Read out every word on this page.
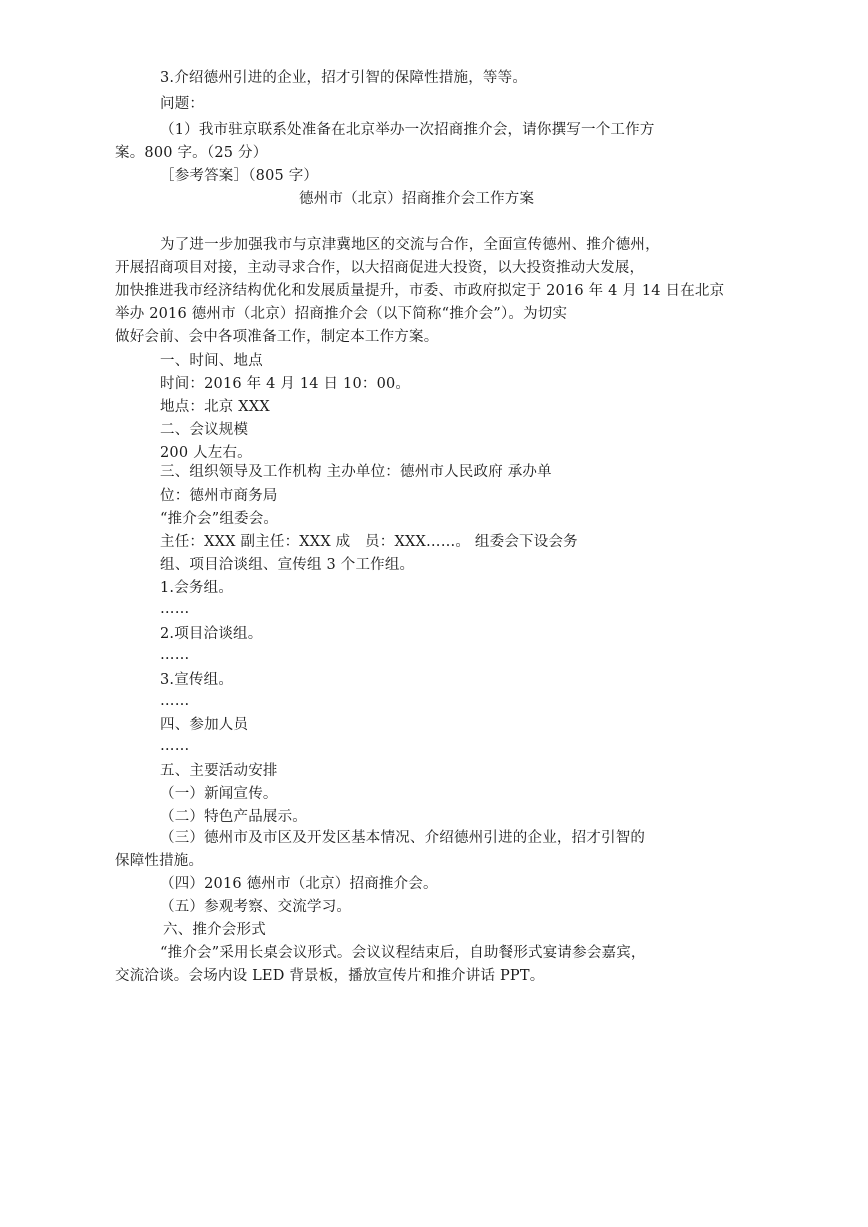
3.介绍德州引进的企业，招才引智的保障性措施，等等。
问题：
（1）我市驻京联系处准备在北京举办一次招商推介会，请你撰写一个工作方
案。800 字。（25 分）
［参考答案］（805 字）
德州市（北京）招商推介会工作方案
为了进一步加强我市与京津冀地区的交流与合作，全面宣传德州、推介德州，
开展招商项目对接，主动寻求合作，以大招商促进大投资，以大投资推动大发展，
加快推进我市经济结构优化和发展质量提升，市委、市政府拟定于 2016 年 4 月 14 日在北京
举办 2016 德州市（北京）招商推介会（以下简称“推介会”）。为切实
做好会前、会中各项准备工作，制定本工作方案。
一、时间、地点
时间：2016 年 4 月 14 日 10：00。
地点：北京 XXX
二、会议规模
200 人左右。
三、组织领导及工作机构 主办单位：德州市人民政府 承办单
位：德州市商务局
“推介会”组委会。
主任：XXX 副主任：XXX 成　员：XXX……。 组委会下设会务
组、项目洽谈组、宣传组 3 个工作组。
1.会务组。
……
2.项目洽谈组。
……
3.宣传组。
……
四、参加人员
……
五、主要活动安排
（一）新闻宣传。
（二）特色产品展示。
（三）德州市及市区及开发区基本情况、介绍德州引进的企业，招才引智的
保障性措施。
（四）2016 德州市（北京）招商推介会。
（五）参观考察、交流学习。
六、推介会形式
“推介会”采用长桌会议形式。会议议程结束后，自助餐形式宴请参会嘉宾，
交流洽谈。会场内设 LED 背景板，播放宣传片和推介讲话 PPT。
